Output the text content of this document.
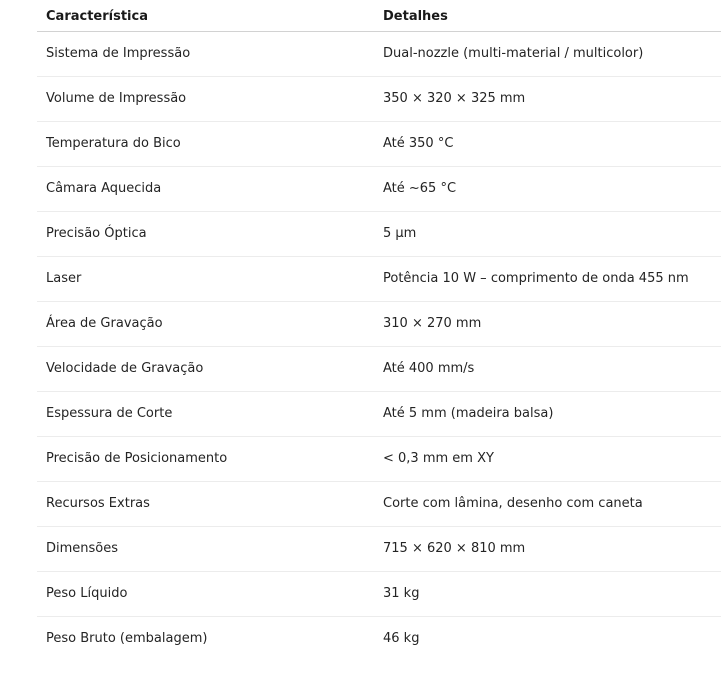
Característica	Detalhes
Sistema de Impressão	Dual-nozzle (multi-material / multicolor)
Volume de Impressão	350 × 320 × 325 mm
Temperatura do Bico	Até 350 °C
Câmara Aquecida	Até ~65 °C
Precisão Óptica	5 µm
Laser	Potência 10 W – comprimento de onda 455 nm
Área de Gravação	310 × 270 mm
Velocidade de Gravação	Até 400 mm/s
Espessura de Corte	Até 5 mm (madeira balsa)
Precisão de Posicionamento	< 0,3 mm em XY
Recursos Extras	Corte com lâmina, desenho com caneta
Dimensões	715 × 620 × 810 mm
Peso Líquido	31 kg
Peso Bruto (embalagem)	46 kg
